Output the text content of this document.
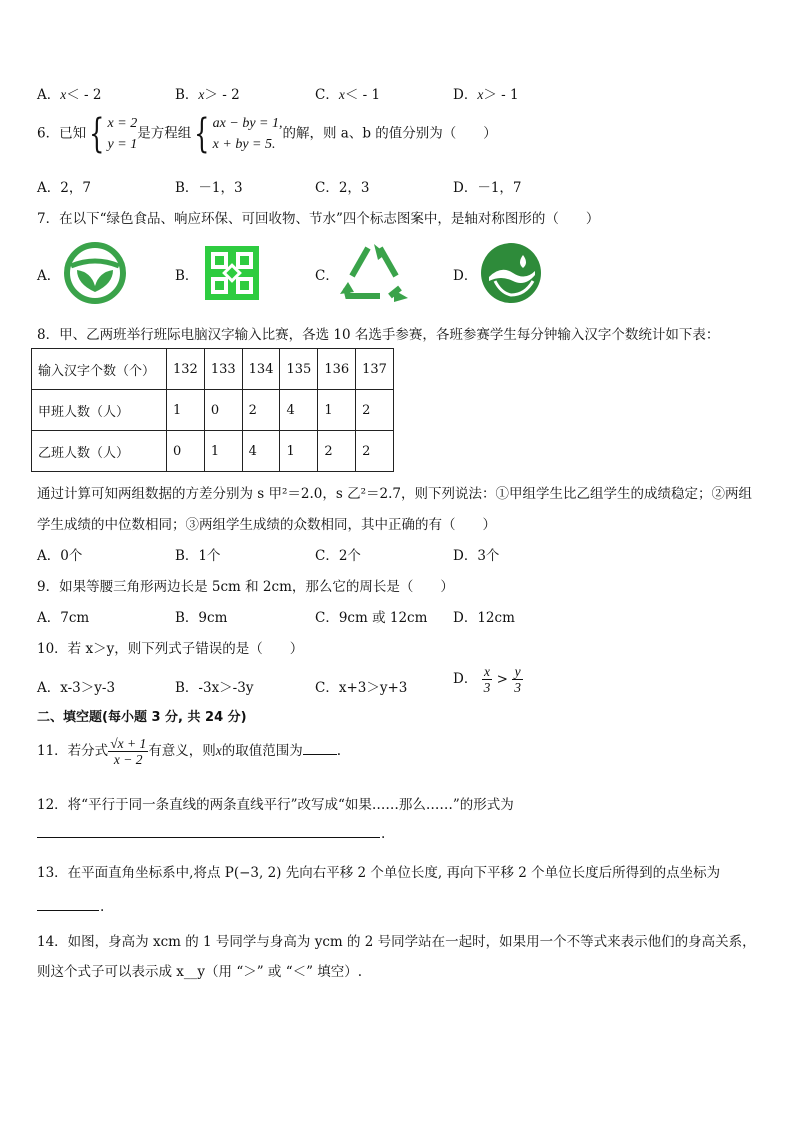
A．x＜ - 2	B．x＞ - 2	C．x＜ - 1	D．x＞ - 1
6．已知{ x = 2
y = 1是方程组{ ax − by = 1,
x + by = 5.的解，则 a、b 的值分别为（　　）
A．2，7	B．－1，3	C．2，3	D．－1，7
7．在以下“绿色食品、响应环保、可回收物、节水”四个标志图案中，是轴对称图形的（　　）
A．	B．	C．	D．
8．甲、乙两班举行班际电脑汉字输入比赛，各选 10 名选手参赛，各班参赛学生每分钟输入汉字个数统计如下表：
输入汉字个数（个）	132	133	134	135	136	137
甲班人数（人）	1	0	2	4	1	2
乙班人数（人）	0	1	4	1	2	2
通过计算可知两组数据的方差分别为 s 甲²＝2.0，s 乙²＝2.7，则下列说法：①甲组学生比乙组学生的成绩稳定；②两组
学生成绩的中位数相同；③两组学生成绩的众数相同，其中正确的有（　　）
A．0个	B．1个	C．2个	D．3个
9．如果等腰三角形两边长是 5cm 和 2cm，那么它的周长是（　　）
A．7cm	B．9cm	C．9cm 或 12cm D．12cm
10．若 x＞y，则下列式子错误的是（　　）
A．x-3＞y-3	B．-3x＞-3y	C．x+3＞y+3
D． $\frac{x}{3} > \frac{y}{3}$
二、填空题(每小题 3 分, 共 24 分)
11．若分式 $\frac{√x + 1}{x - 2}$ 有意义，则x的取值范围为	.
12．将“平行于同一条直线的两条直线平行”改写成“如果……那么……”的形式为
.
13．在平面直角坐标系中,将点 P(−3, 2) 先向右平移 2 个单位长度, 再向下平移 2 个单位长度后所得到的点坐标为
.
14．如图，身高为 xcm 的 1 号同学与身高为 ycm 的 2 号同学站在一起时，如果用一个不等式来表示他们的身高关系，
则这个式子可以表示成 x__y（用 “＞” 或 “＜” 填空）.
